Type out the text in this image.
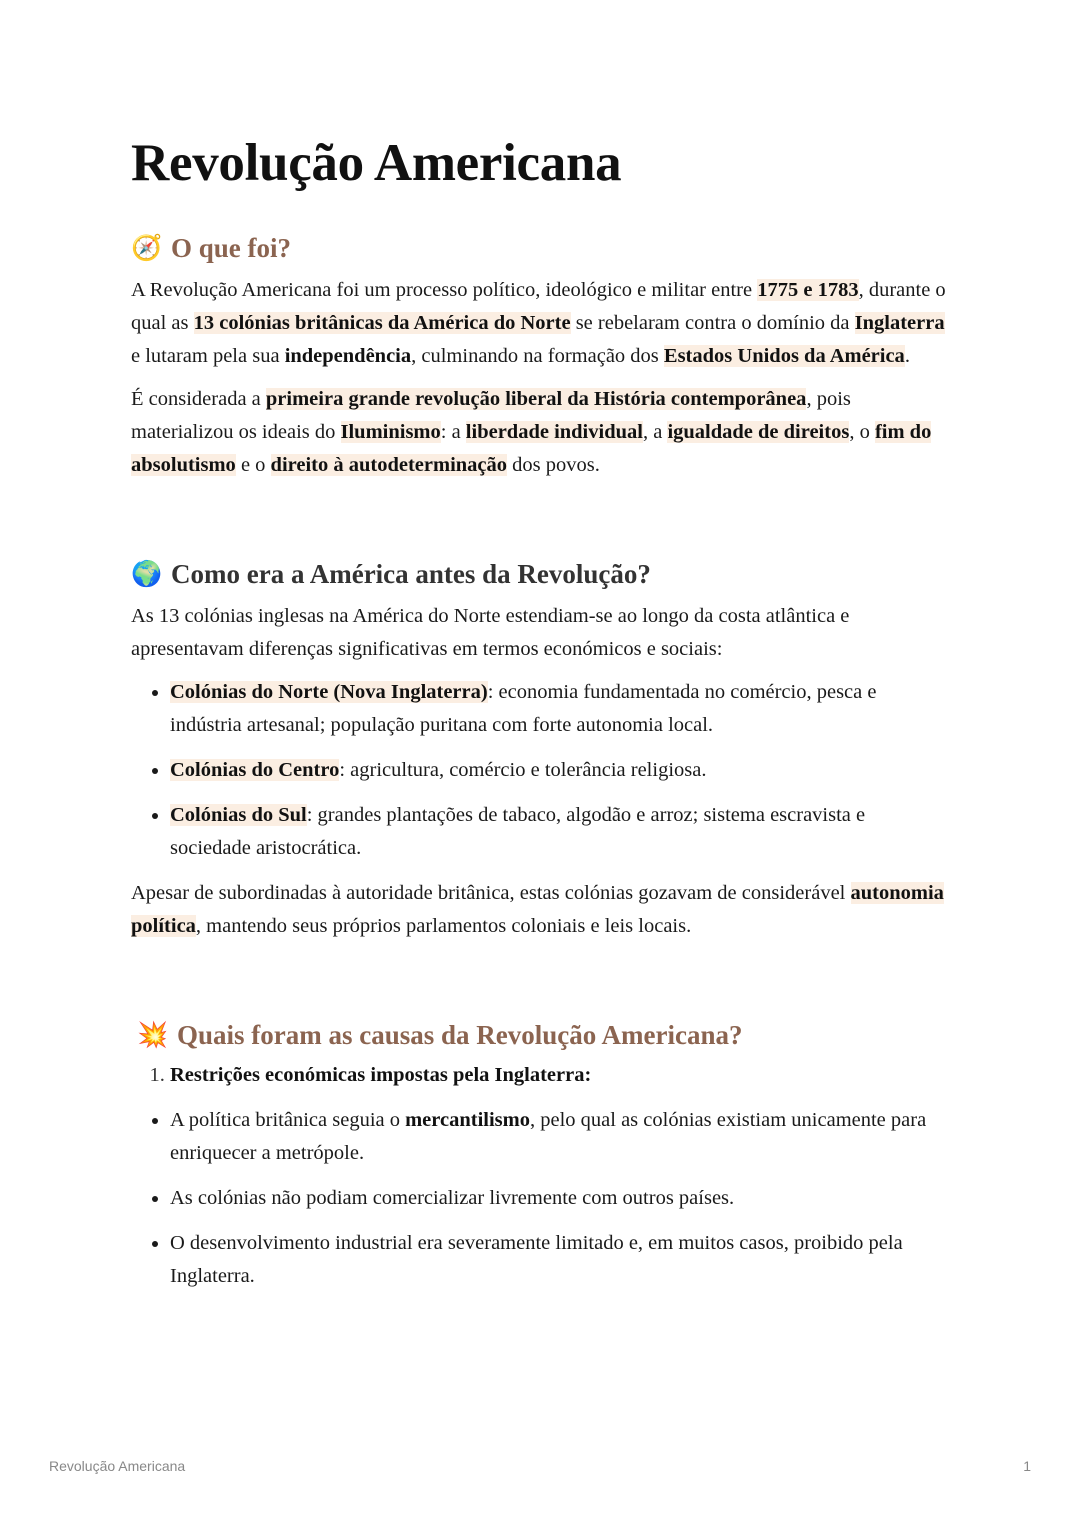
Revolução Americana
🧭 O que foi?

A Revolução Americana foi um processo político, ideológico e militar entre 1775 e 1783, durante o qual as 13 colónias britânicas da América do Norte se rebelaram contra o domínio da Inglaterra e lutaram pela sua independência, culminando na formação dos Estados Unidos da América.

É considerada a primeira grande revolução liberal da História contemporânea, pois materializou os ideais do Iluminismo: a liberdade individual, a igualdade de direitos, o fim do absolutismo e o direito à autodeterminação dos povos.

🌍 Como era a América antes da Revolução?

As 13 colónias inglesas na América do Norte estendiam-se ao longo da costa atlântica e apresentavam diferenças significativas em termos económicos e sociais:

• Colónias do Norte (Nova Inglaterra): economia fundamentada no comércio, pesca e indústria artesanal; população puritana com forte autonomia local.
• Colónias do Centro: agricultura, comércio e tolerância religiosa.
• Colónias do Sul: grandes plantações de tabaco, algodão e arroz; sistema escravista e sociedade aristocrática.

Apesar de subordinadas à autoridade britânica, estas colónias gozavam de considerável autonomia política, mantendo seus próprios parlamentos coloniais e leis locais.

💥 Quais foram as causas da Revolução Americana?
1. Restrições económicas impostas pela Inglaterra:
• A política britânica seguia o mercantilismo, pelo qual as colónias existiam unicamente para enriquecer a metrópole.
• As colónias não podiam comercializar livremente com outros países.
• O desenvolvimento industrial era severamente limitado e, em muitos casos, proibido pela Inglaterra.
Revolução Americana	1
